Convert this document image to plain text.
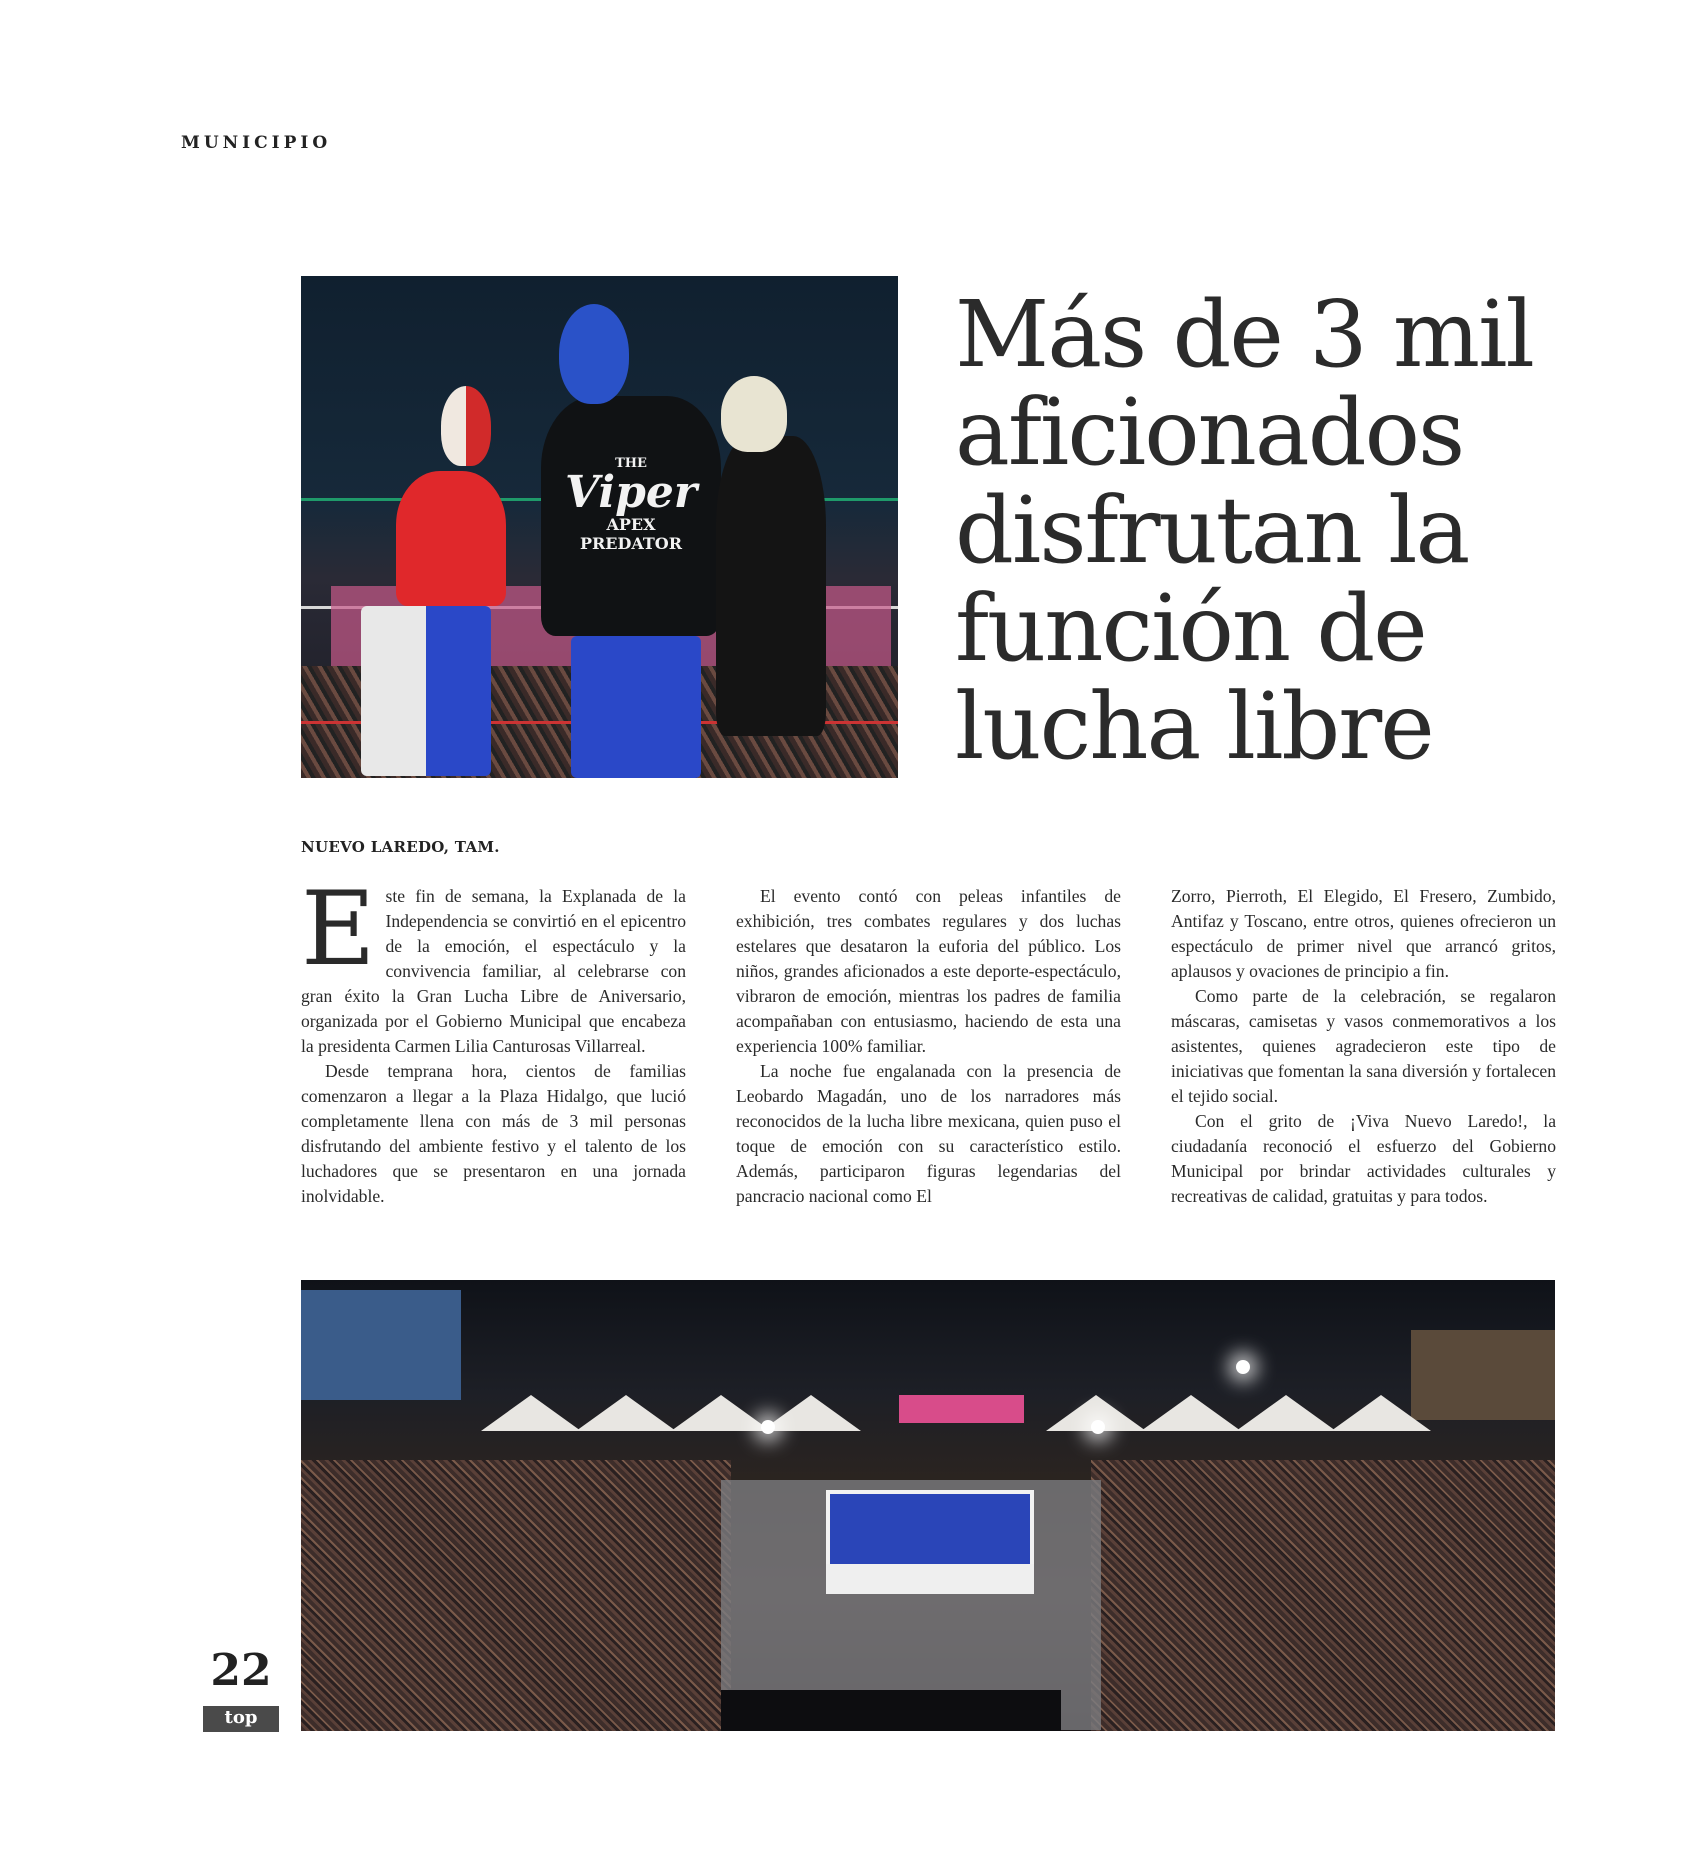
MUNICIPIO
THE
Viper
APEX
PREDATOR
Más de 3 mil aficionados disfrutan la función de lucha libre
NUEVO LAREDO, TAM.

Este fin de semana, la Explanada de la Independencia se convirtió en el epicentro de la emoción, el espectáculo y la convivencia familiar, al celebrarse con gran éxito la Gran Lucha Libre de Aniversario, organizada por el Gobierno Municipal que encabeza la presidenta Carmen Lilia Canturosas Villarreal.

Desde temprana hora, cientos de familias comenzaron a llegar a la Plaza Hidalgo, que lució completamente llena con más de 3 mil personas disfrutando del ambiente festivo y el talento de los luchadores que se presentaron en una jornada inolvidable.

El evento contó con peleas infantiles de exhibición, tres combates regulares y dos luchas estelares que desataron la euforia del público. Los niños, grandes aficionados a este deporte-espectáculo, vibraron de emoción, mientras los padres de familia acompañaban con entusiasmo, haciendo de esta una experiencia 100% familiar.

La noche fue engalanada con la presencia de Leobardo Magadán, uno de los narradores más reconocidos de la lucha libre mexicana, quien puso el toque de emoción con su característico estilo. Además, participaron figuras legendarias del pancracio nacional como El

Zorro, Pierroth, El Elegido, El Fresero, Zumbido, Antifaz y Toscano, entre otros, quienes ofrecieron un espectáculo de primer nivel que arrancó gritos, aplausos y ovaciones de principio a fin.

Como parte de la celebración, se regalaron máscaras, camisetas y vasos conmemorativos a los asistentes, quienes agradecieron este tipo de iniciativas que fomentan la sana diversión y fortalecen el tejido social.

Con el grito de ¡Viva Nuevo Laredo!, la ciudadanía reconoció el esfuerzo del Gobierno Municipal por brindar actividades culturales y recreativas de calidad, gratuitas y para todos.

22
top
